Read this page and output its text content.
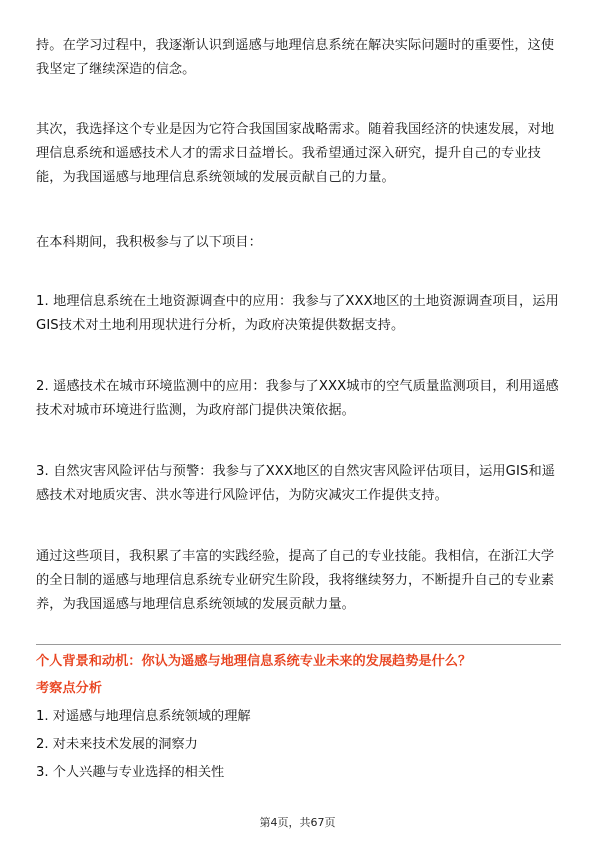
持。在学习过程中，我逐渐认识到遥感与地理信息系统在解决实际问题时的重要性，这使我坚定了继续深造的信念。

其次，我选择这个专业是因为它符合我国国家战略需求。随着我国经济的快速发展，对地理信息系统和遥感技术人才的需求日益增长。我希望通过深入研究，提升自己的专业技能，为我国遥感与地理信息系统领域的发展贡献自己的力量。

在本科期间，我积极参与了以下项目：

1. 地理信息系统在土地资源调查中的应用：我参与了XXX地区的土地资源调查项目，运用GIS技术对土地利用现状进行分析，为政府决策提供数据支持。

2. 遥感技术在城市环境监测中的应用：我参与了XXX城市的空气质量监测项目，利用遥感技术对城市环境进行监测，为政府部门提供决策依据。

3. 自然灾害风险评估与预警：我参与了XXX地区的自然灾害风险评估项目，运用GIS和遥感技术对地质灾害、洪水等进行风险评估，为防灾减灾工作提供支持。

通过这些项目，我积累了丰富的实践经验，提高了自己的专业技能。我相信，在浙江大学的全日制的遥感与地理信息系统专业研究生阶段，我将继续努力，不断提升自己的专业素养，为我国遥感与地理信息系统领域的发展贡献力量。

个人背景和动机：你认为遥感与地理信息系统专业未来的发展趋势是什么？

考察点分析

1. 对遥感与地理信息系统领域的理解

2. 对未来技术发展的洞察力

3. 个人兴趣与专业选择的相关性

第4页，共67页
